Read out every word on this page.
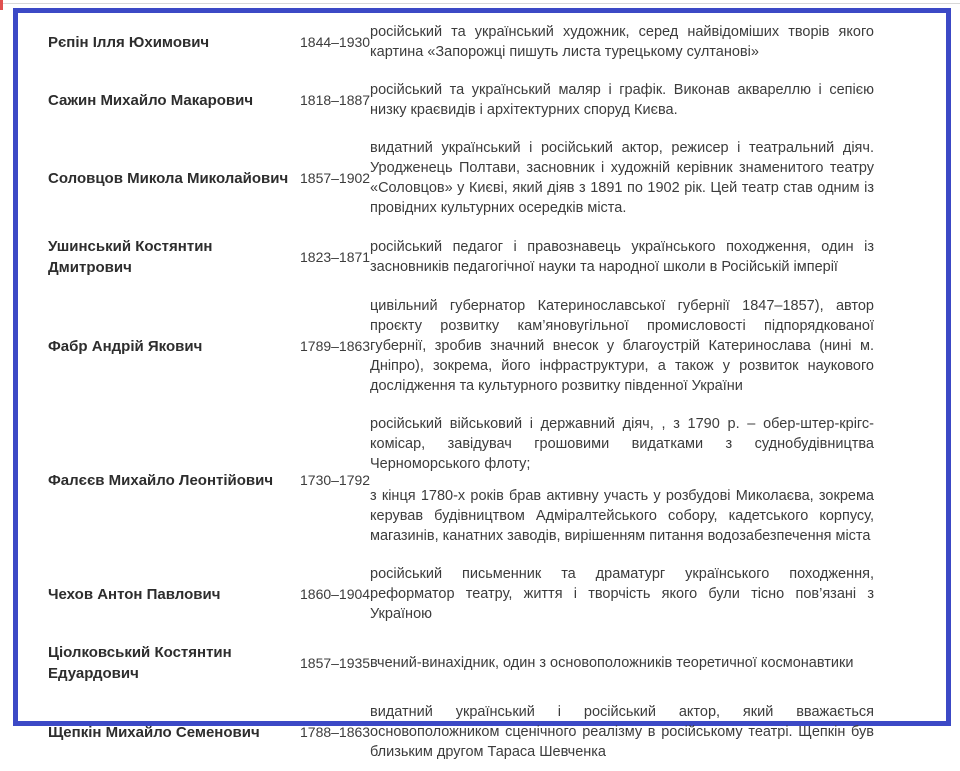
Рєпін Ілля Юхимович	1844–1930	російський та український художник, серед найвідоміших творів якого картина «Запорожці пишуть листа турецькому султанові»

Сажин Михайло Макарович	1818–1887	російський та український маляр і графік. Виконав аквареллю і сепією низку краєвидів і архітектурних споруд Києва.

Соловцов Микола Миколайович	1857–1902	видатний український і російський актор, режисер і театральний діяч. Уродженець Полтави, засновник і художній керівник знаменитого театру «Соловцов» у Києві, який діяв з 1891 по 1902 рік. Цей театр став одним із провідних культурних осередків міста.

Ушинський Костянтин Дмитрович	1823–1871	російський педагог і правознавець українського походження, один із засновників педагогічної науки та народної школи в Російській імперії

Фабр Андрій Якович	1789–1863	цивільний губернатор Катеринославської губернії 1847–1857), автор проєкту розвитку кам’яновугільної промисловості підпорядкованої губернії, зробив значний внесок у благоустрій Катеринослава (нині м. Дніпро), зокрема, його інфраструктури, а також у розвиток наукового дослідження та культурного розвитку південної України

Фалєєв Михайло Леонтійович	1730–1792	російський військовий і державний діяч, , з 1790 р. – обер-штер-крігс-комісар, завідувач грошовими видатками з суднобудівництва Черноморського флоту;

з кінця 1780-х років брав активну участь у розбудові Миколаєва, зокрема керував будівництвом Адміралтейського собору, кадетського корпусу, магазинів, канатних заводів, вирішенням питання водозабезпечення міста

Чехов Антон Павлович	1860–1904	російський письменник та драматург українського походження, реформатор театру, життя і творчість якого були тісно пов’язані з Україною

Ціолковський Костянтин Едуардович	1857–1935	вчений-винахідник, один з основоположників теоретичної космонавтики

Щепкін Михайло Семенович	1788–1863	видатний український і російський актор, який вважається основоположником сценічного реалізму в російському театрі. Щепкін був близьким другом Тараса Шевченка
